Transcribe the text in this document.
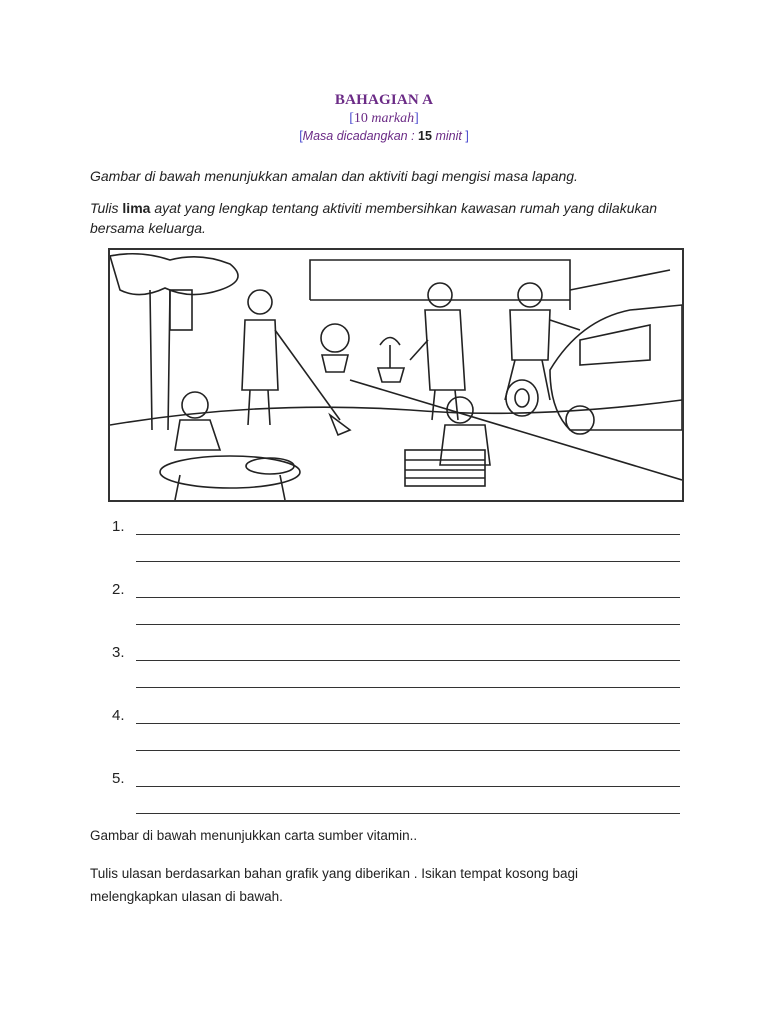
BAHAGIAN A
[10 markah]
[Masa dicadangkan : 15 minit ]
Gambar di bawah menunjukkan amalan dan aktiviti bagi mengisi masa lapang.
Tulis lima ayat yang lengkap tentang aktiviti membersihkan kawasan rumah yang dilakukan bersama keluarga.
1.
2.
3.
4.
5.
Gambar di bawah menunjukkan carta sumber vitamin..
Tulis ulasan berdasarkan bahan grafik yang diberikan . Isikan tempat kosong bagi melengkapkan ulasan di bawah.
